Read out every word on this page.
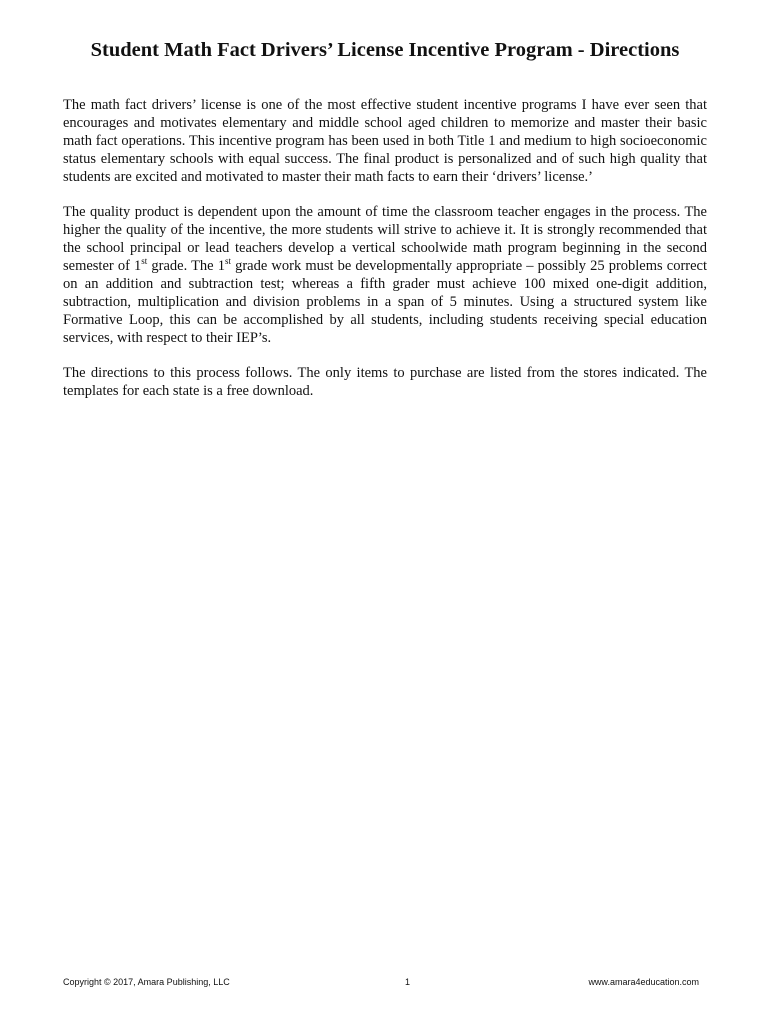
Student Math Fact Drivers’ License Incentive Program - Directions

The math fact drivers’ license is one of the most effective student incentive programs I have ever seen that encourages and motivates elementary and middle school aged children to memorize and master their basic math fact operations. This incentive program has been used in both Title 1 and medium to high socioeconomic status elementary schools with equal success. The final product is personalized and of such high quality that students are excited and motivated to master their math facts to earn their ‘drivers’ license.’

The quality product is dependent upon the amount of time the classroom teacher engages in the process. The higher the quality of the incentive, the more students will strive to achieve it. It is strongly recommended that the school principal or lead teachers develop a vertical schoolwide math program beginning in the second semester of 1st grade. The 1st grade work must be developmentally appropriate – possibly 25 problems correct on an addition and subtraction test; whereas a fifth grader must achieve 100 mixed one-digit addition, subtraction, multiplication and division problems in a span of 5 minutes. Using a structured system like Formative Loop, this can be accomplished by all students, including students receiving special education services, with respect to their IEP’s.

The directions to this process follows. The only items to purchase are listed from the stores indicated. The templates for each state is a free download.

Copyright © 2017, Amara Publishing, LLC	1	www.amara4education.com
